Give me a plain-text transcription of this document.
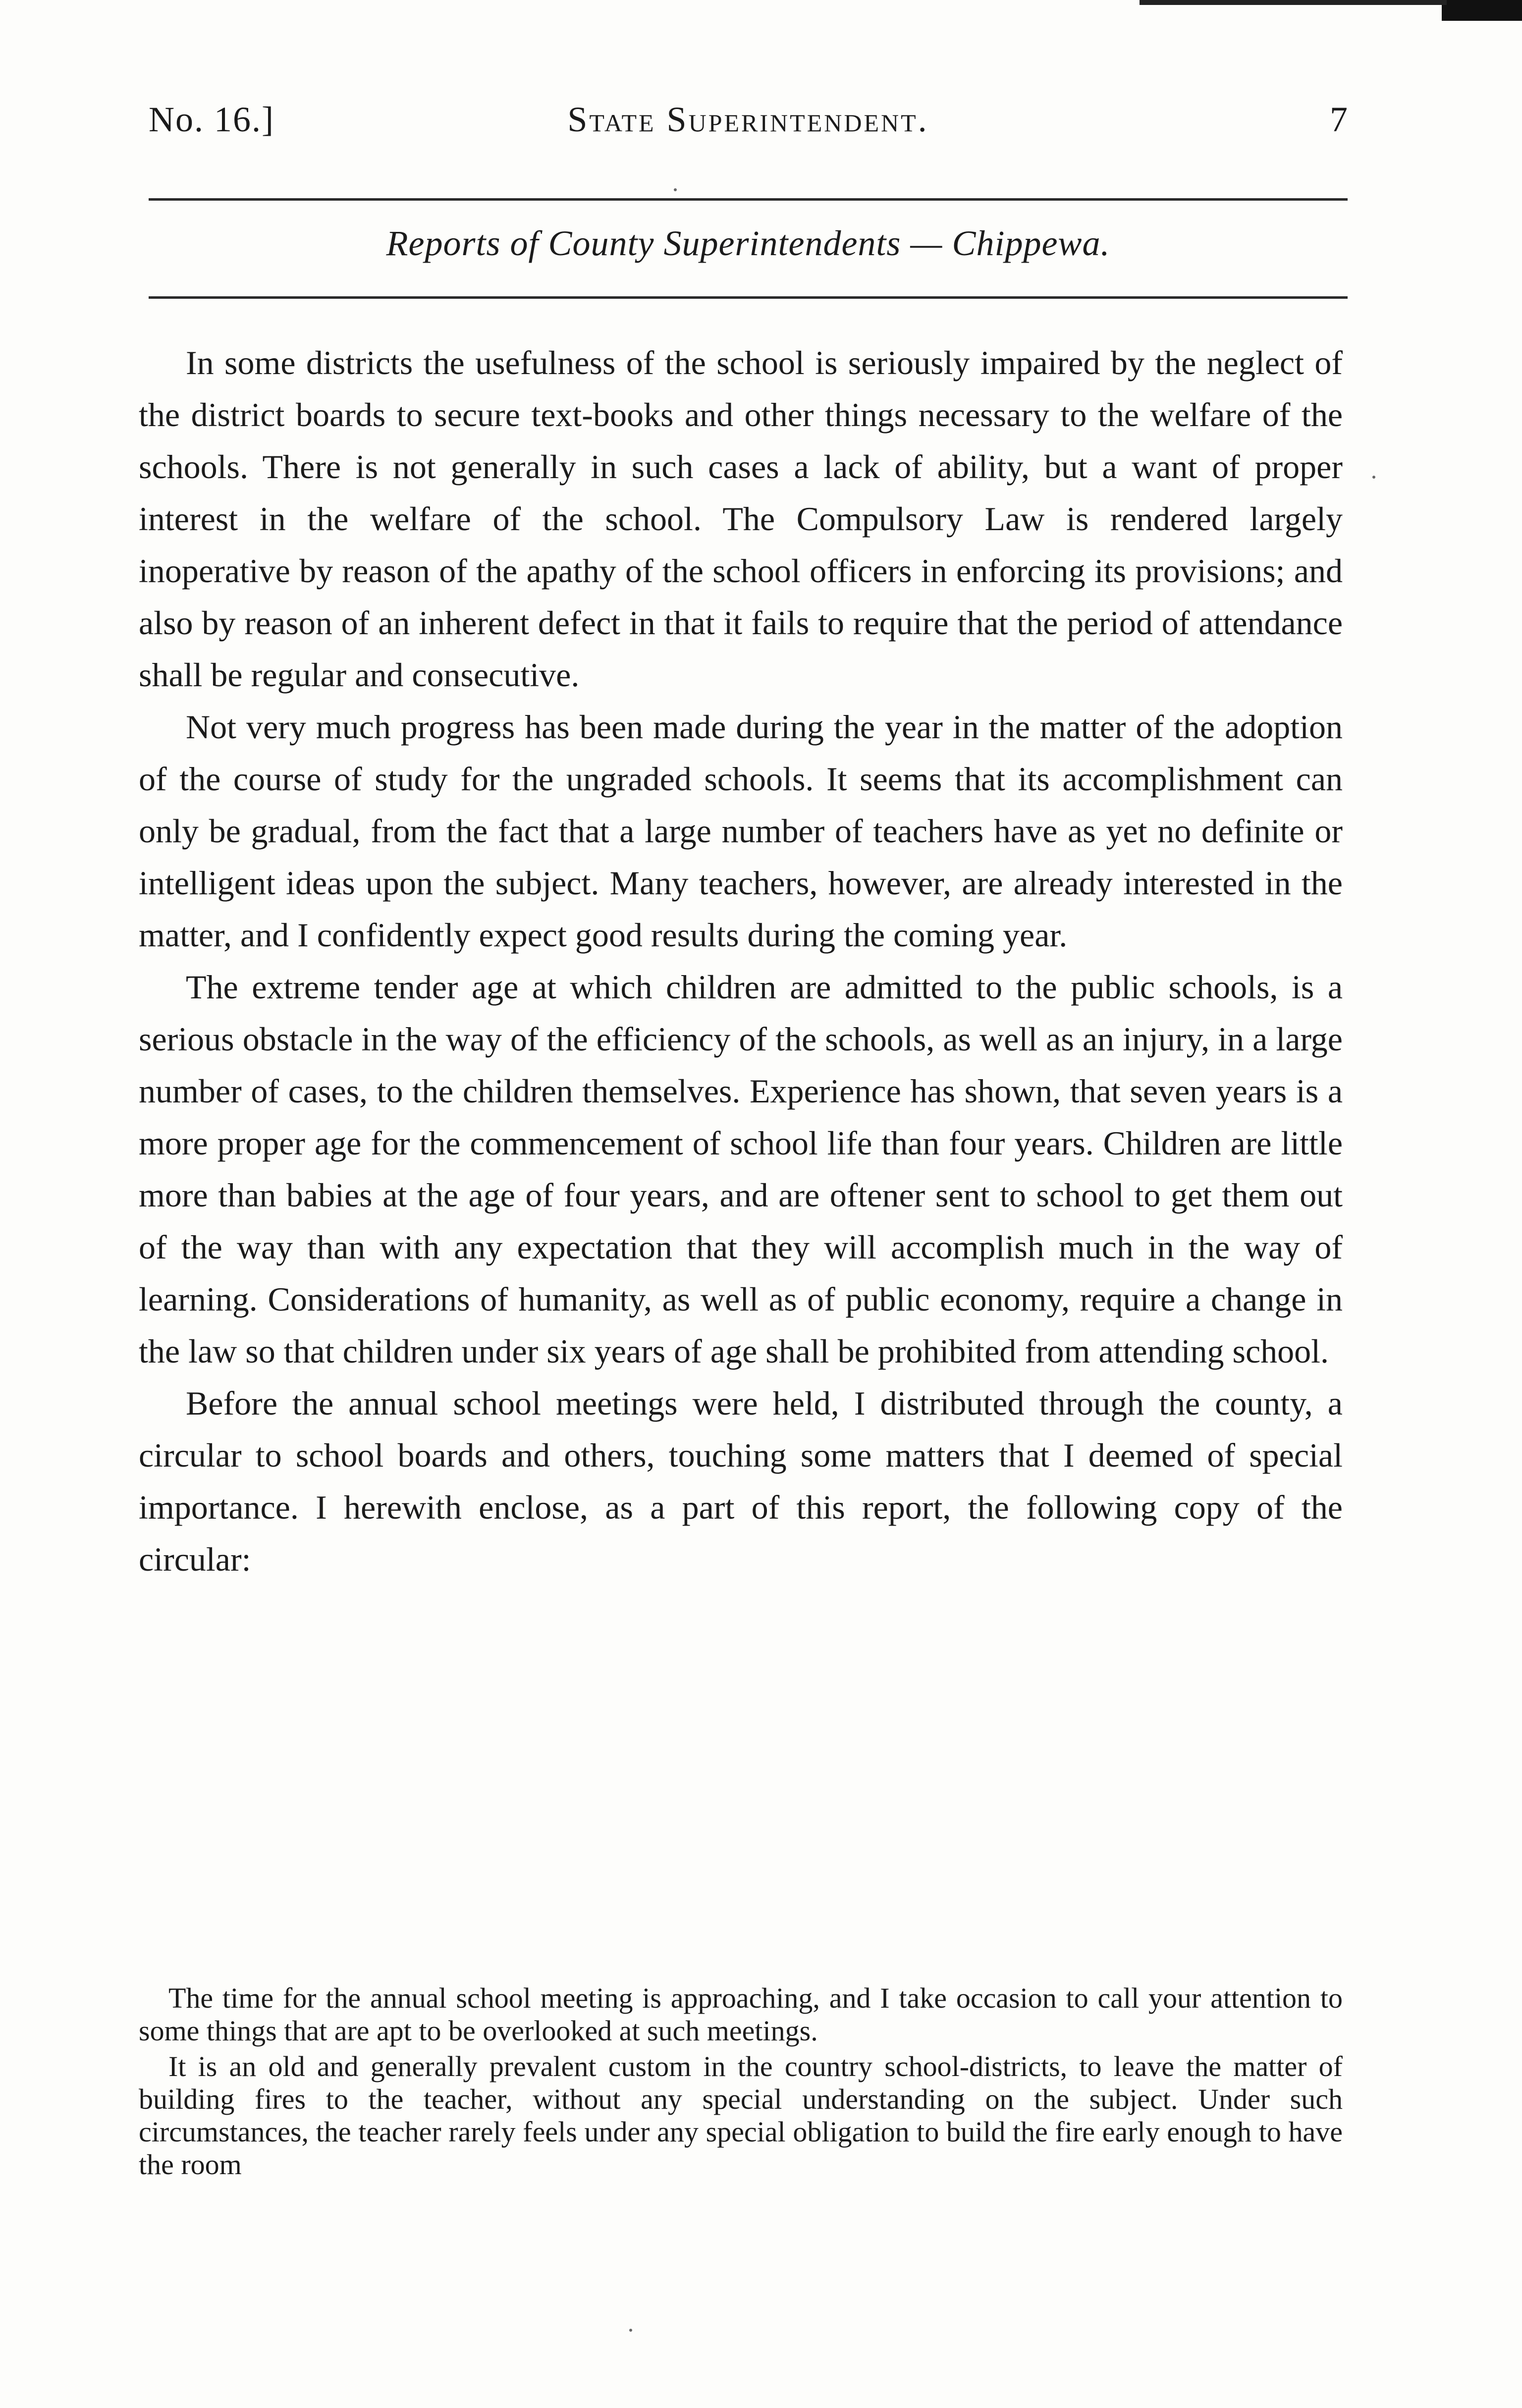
No. 16.]	State Superintendent.	7
Reports of County Superintendents — Chippewa.

In some districts the usefulness of the school is seriously impaired by the neglect of the district boards to secure text-books and other things necessary to the welfare of the schools. There is not generally in such cases a lack of ability, but a want of proper interest in the welfare of the school. The Compulsory Law is rendered largely inoperative by reason of the apathy of the school officers in enforcing its provisions; and also by reason of an inherent defect in that it fails to require that the period of attendance shall be regular and consecutive.

Not very much progress has been made during the year in the matter of the adoption of the course of study for the ungraded schools. It seems that its accomplishment can only be gradual, from the fact that a large number of teachers have as yet no definite or intelligent ideas upon the subject. Many teachers, however, are already interested in the matter, and I confidently expect good results during the coming year.

The extreme tender age at which children are admitted to the public schools, is a serious obstacle in the way of the efficiency of the schools, as well as an injury, in a large number of cases, to the children themselves. Experience has shown, that seven years is a more proper age for the commencement of school life than four years. Children are little more than babies at the age of four years, and are oftener sent to school to get them out of the way than with any expectation that they will accomplish much in the way of learning. Considerations of humanity, as well as of public economy, require a change in the law so that children under six years of age shall be prohibited from attending school.

Before the annual school meetings were held, I distributed through the county, a circular to school boards and others, touching some matters that I deemed of special importance. I herewith enclose, as a part of this report, the following copy of the circular:

The time for the annual school meeting is approaching, and I take occasion to call your attention to some things that are apt to be overlooked at such meetings.

It is an old and generally prevalent custom in the country school-districts, to leave the matter of building fires to the teacher, without any special understanding on the subject. Under such circumstances, the teacher rarely feels under any special obligation to build the fire early enough to have the room
